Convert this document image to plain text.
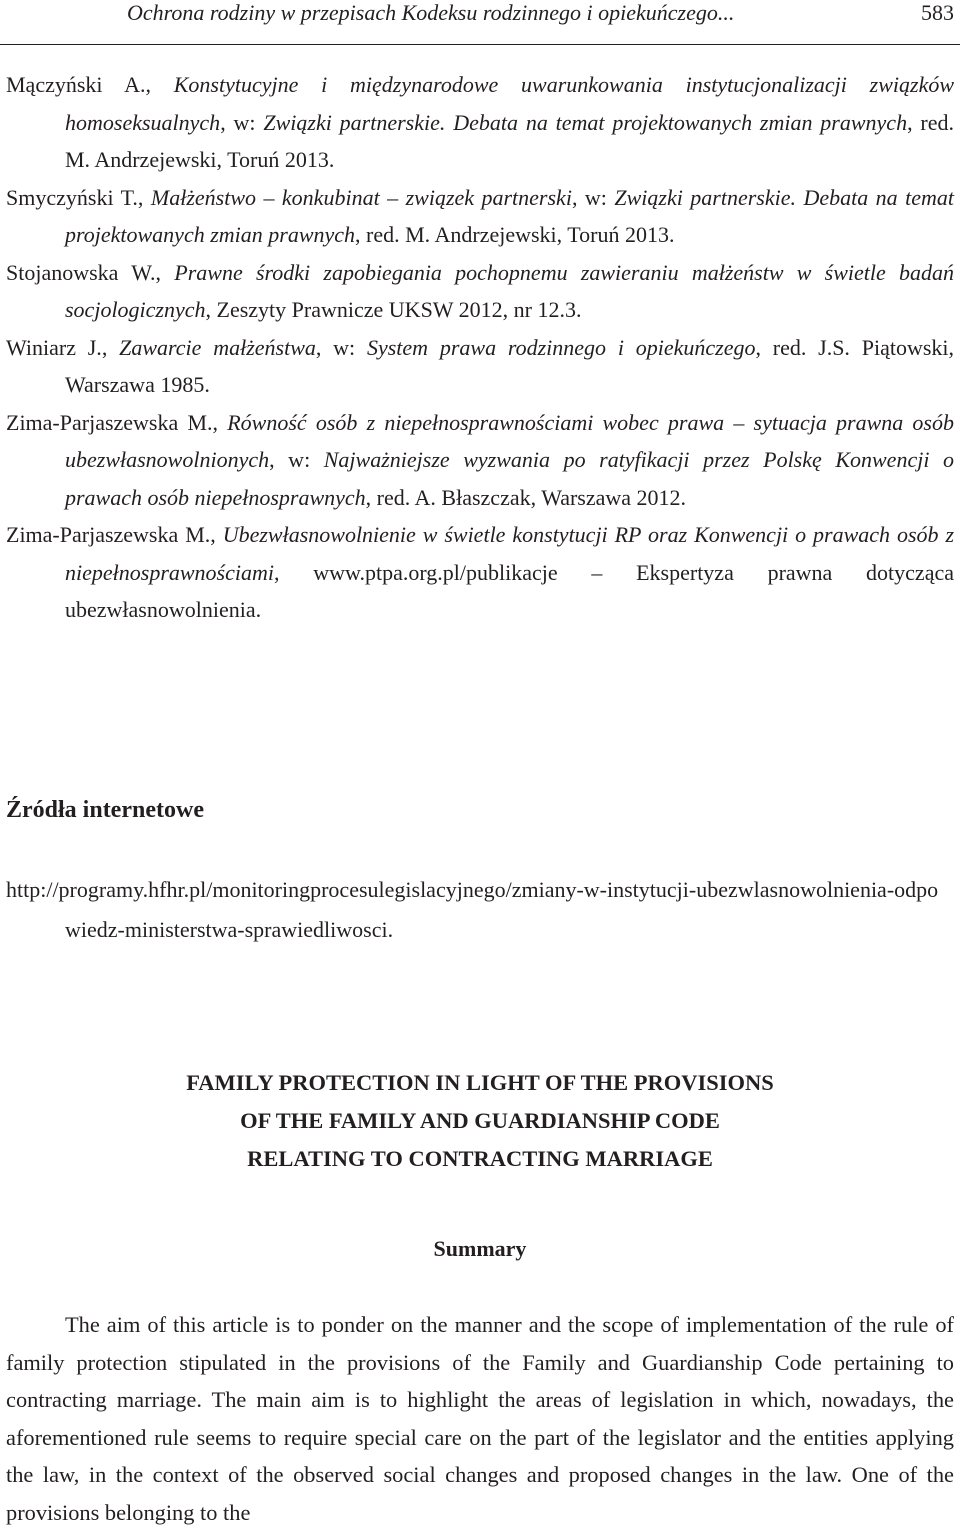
Ochrona rodziny w przepisach Kodeksu rodzinnego i opiekuńczego...	583

Mączyński A., Konstytucyjne i międzynarodowe uwarunkowania instytucjonalizacji związków homoseksualnych, w: Związki partnerskie. Debata na temat projektowanych zmian prawnych, red. M. Andrzejewski, Toruń 2013.

Smyczyński T., Małżeństwo – konkubinat – związek partnerski, w: Związki partnerskie. Debata na temat projektowanych zmian prawnych, red. M. Andrzejewski, Toruń 2013.

Stojanowska W., Prawne środki zapobiegania pochopnemu zawieraniu małżeństw w świetle badań socjologicznych, Zeszyty Prawnicze UKSW 2012, nr 12.3.

Winiarz J., Zawarcie małżeństwa, w: System prawa rodzinnego i opiekuńczego, red. J.S. Piątowski, Warszawa 1985.

Zima-Parjaszewska M., Równość osób z niepełnosprawnościami wobec prawa – sytuacja prawna osób ubezwłasnowolnionych, w: Najważniejsze wyzwania po ratyfikacji przez Polskę Konwencji o prawach osób niepełnosprawnych, red. A. Błaszczak, Warszawa 2012.

Zima-Parjaszewska M., Ubezwłasnowolnienie w świetle konstytucji RP oraz Konwencji o prawach osób z niepełnosprawnościami, www.ptpa.org.pl/publikacje – Ekspertyza prawna dotycząca ubezwłasnowolnienia.

Źródła internetowe

http://programy.hfhr.pl/monitoringprocesulegislacyjnego/zmiany-w-instytucji-ubezwlasnowolnienia-odpowiedz-ministerstwa-sprawiedliwosci.

FAMILY PROTECTION IN LIGHT OF THE PROVISIONS
OF THE FAMILY AND GUARDIANSHIP CODE
RELATING TO CONTRACTING MARRIAGE
Summary

The aim of this article is to ponder on the manner and the scope of implementation of the rule of family protection stipulated in the provisions of the Family and Guardianship Code pertaining to contracting marriage. The main aim is to highlight the areas of legislation in which, nowadays, the aforementioned rule seems to require special care on the part of the legislator and the entities applying the law, in the context of the observed social changes and proposed changes in the law. One of the provisions belonging to the
